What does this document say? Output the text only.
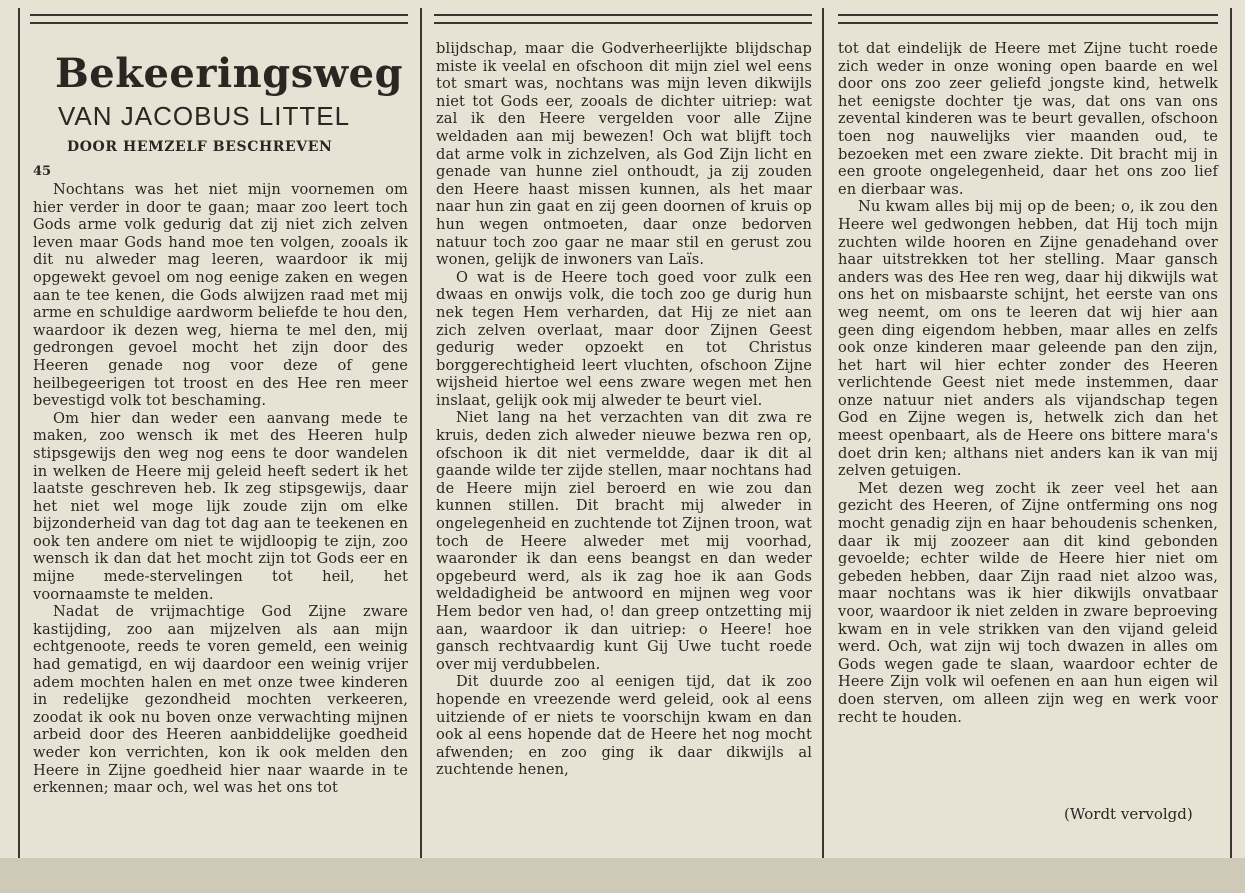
Bekeeringsweg
VAN JACOBUS LITTEL
DOOR HEMZELF BESCHREVEN
45

Nochtans was het niet mijn voornemen om hier verder in door te gaan; maar zoo leert toch Gods arme volk gedurig dat zij niet zich zelven leven maar Gods hand moe ten volgen, zooals ik dit nu alweder mag leeren, waardoor ik mij opgewekt gevoel om nog eenige zaken en wegen aan te tee kenen, die Gods alwijzen raad met mij arme en schuldige aardworm beliefde te hou den, waardoor ik dezen weg, hierna te mel den, mij gedrongen gevoel mocht het zijn door des Heeren genade nog voor deze of gene heilbegeerigen tot troost en des Hee ren meer bevestigd volk tot beschaming.

Om hier dan weder een aanvang mede te maken, zoo wensch ik met des Heeren hulp stipsgewijs den weg nog eens te door wandelen in welken de Heere mij geleid heeft sedert ik het laatste geschreven heb. Ik zeg stipsgewijs, daar het niet wel moge lijk zoude zijn om elke bijzonderheid van dag tot dag aan te teekenen en ook ten andere om niet te wijdloopig te zijn, zoo wensch ik dan dat het mocht zijn tot Gods eer en mijne mede-stervelingen tot heil, het voornaamste te melden.

Nadat de vrijmachtige God Zijne zware kastijding, zoo aan mijzelven als aan mijn echtgenoote, reeds te voren gemeld, een weinig had gematigd, en wij daardoor een weinig vrijer adem mochten halen en met onze twee kinderen in redelijke gezondheid mochten verkeeren, zoodat ik ook nu boven onze verwachting mijnen arbeid door des Heeren aanbiddelijke goedheid weder kon verrichten, kon ik ook melden den Heere in Zijne goedheid hier naar waarde in te erkennen; maar och, wel was het ons tot

blijdschap, maar die Godverheerlijkte blijdschap miste ik veelal en ofschoon dit mijn ziel wel eens tot smart was, nochtans was mijn leven dikwijls niet tot Gods eer, zooals de dichter uitriep: wat zal ik den Heere vergelden voor alle Zijne weldaden aan mij bewezen! Och wat blijft toch dat arme volk in zichzelven, als God Zijn licht en genade van hunne ziel onthoudt, ja zij zouden den Heere haast missen kunnen, als het maar naar hun zin gaat en zij geen doornen of kruis op hun wegen ontmoeten, daar onze bedorven natuur toch zoo gaar ne maar stil en gerust zou wonen, gelijk de inwoners van Laïs.

O wat is de Heere toch goed voor zulk een dwaas en onwijs volk, die toch zoo ge durig hun nek tegen Hem verharden, dat Hij ze niet aan zich zelven overlaat, maar door Zijnen Geest gedurig weder opzoekt en tot Christus borggerechtigheid leert vluchten, ofschoon Zijne wijsheid hiertoe wel eens zware wegen met hen inslaat, gelijk ook mij alweder te beurt viel.

Niet lang na het verzachten van dit zwa re kruis, deden zich alweder nieuwe bezwa ren op, ofschoon ik dit niet vermeldde, daar ik dit al gaande wilde ter zijde stellen, maar nochtans had de Heere mijn ziel beroerd en wie zou dan kunnen stillen. Dit bracht mij alweder in ongelegenheid en zuchtende tot Zijnen troon, wat toch de Heere alweder met mij voorhad, waaronder ik dan eens beangst en dan weder opgebeurd werd, als ik zag hoe ik aan Gods weldadigheid be antwoord en mijnen weg voor Hem bedor ven had, o! dan greep ontzetting mij aan, waardoor ik dan uitriep: o Heere! hoe gansch rechtvaardig kunt Gij Uwe tucht roede over mij verdubbelen.

Dit duurde zoo al eenigen tijd, dat ik zoo hopende en vreezende werd geleid, ook al eens uitziende of er niets te voorschijn kwam en dan ook al eens hopende dat de Heere het nog mocht afwenden; en zoo ging ik daar dikwijls al zuchtende henen,

tot dat eindelijk de Heere met Zijne tucht roede zich weder in onze woning open baarde en wel door ons zoo zeer geliefd jongste kind, hetwelk het eenigste dochter tje was, dat ons van ons zevental kinderen was te beurt gevallen, ofschoon toen nog nauwelijks vier maanden oud, te bezoeken met een zware ziekte. Dit bracht mij in een groote ongelegenheid, daar het ons zoo lief en dierbaar was.

Nu kwam alles bij mij op de been; o, ik zou den Heere wel gedwongen hebben, dat Hij toch mijn zuchten wilde hooren en Zijne genadehand over haar uitstrekken tot her stelling. Maar gansch anders was des Hee ren weg, daar hij dikwijls wat ons het on misbaarste schijnt, het eerste van ons weg neemt, om ons te leeren dat wij hier aan geen ding eigendom hebben, maar alles en zelfs ook onze kinderen maar geleende pan den zijn, het hart wil hier echter zonder des Heeren verlichtende Geest niet mede instemmen, daar onze natuur niet anders als vijandschap tegen God en Zijne wegen is, hetwelk zich dan het meest openbaart, als de Heere ons bittere mara's doet drin ken; althans niet anders kan ik van mij zelven getuigen.

Met dezen weg zocht ik zeer veel het aan gezicht des Heeren, of Zijne ontferming ons nog mocht genadig zijn en haar behoudenis schenken, daar ik mij zoozeer aan dit kind gebonden gevoelde; echter wilde de Heere hier niet om gebeden hebben, daar Zijn raad niet alzoo was, maar nochtans was ik hier dikwijls onvatbaar voor, waardoor ik niet zelden in zware beproeving kwam en in vele strikken van den vijand geleid werd. Och, wat zijn wij toch dwazen in alles om Gods wegen gade te slaan, waardoor echter de Heere Zijn volk wil oefenen en aan hun eigen wil doen sterven, om alleen zijn weg en werk voor recht te houden.

(Wordt vervolgd)
